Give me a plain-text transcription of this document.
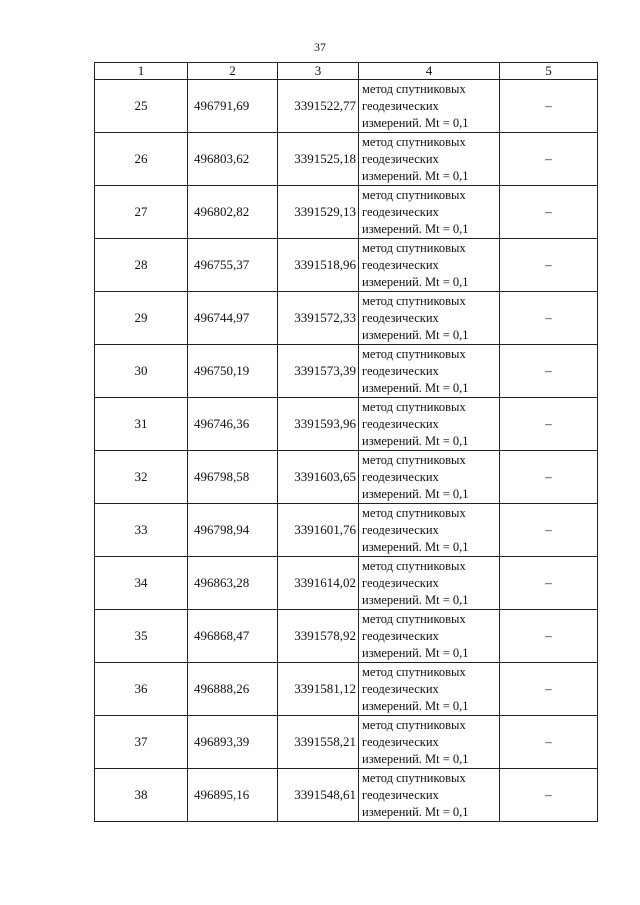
37
1	2	3	4	5
25	496791,69	3391522,77	метод спутниковых
геодезических
измерений. Mt = 0,1	–
26	496803,62	3391525,18	метод спутниковых
геодезических
измерений. Mt = 0,1	–
27	496802,82	3391529,13	метод спутниковых
геодезических
измерений. Mt = 0,1	–
28	496755,37	3391518,96	метод спутниковых
геодезических
измерений. Mt = 0,1	–
29	496744,97	3391572,33	метод спутниковых
геодезических
измерений. Mt = 0,1	–
30	496750,19	3391573,39	метод спутниковых
геодезических
измерений. Mt = 0,1	–
31	496746,36	3391593,96	метод спутниковых
геодезических
измерений. Mt = 0,1	–
32	496798,58	3391603,65	метод спутниковых
геодезических
измерений. Mt = 0,1	–
33	496798,94	3391601,76	метод спутниковых
геодезических
измерений. Mt = 0,1	–
34	496863,28	3391614,02	метод спутниковых
геодезических
измерений. Mt = 0,1	–
35	496868,47	3391578,92	метод спутниковых
геодезических
измерений. Mt = 0,1	–
36	496888,26	3391581,12	метод спутниковых
геодезических
измерений. Mt = 0,1	–
37	496893,39	3391558,21	метод спутниковых
геодезических
измерений. Mt = 0,1	–
38	496895,16	3391548,61	метод спутниковых
геодезических
измерений. Mt = 0,1	–
